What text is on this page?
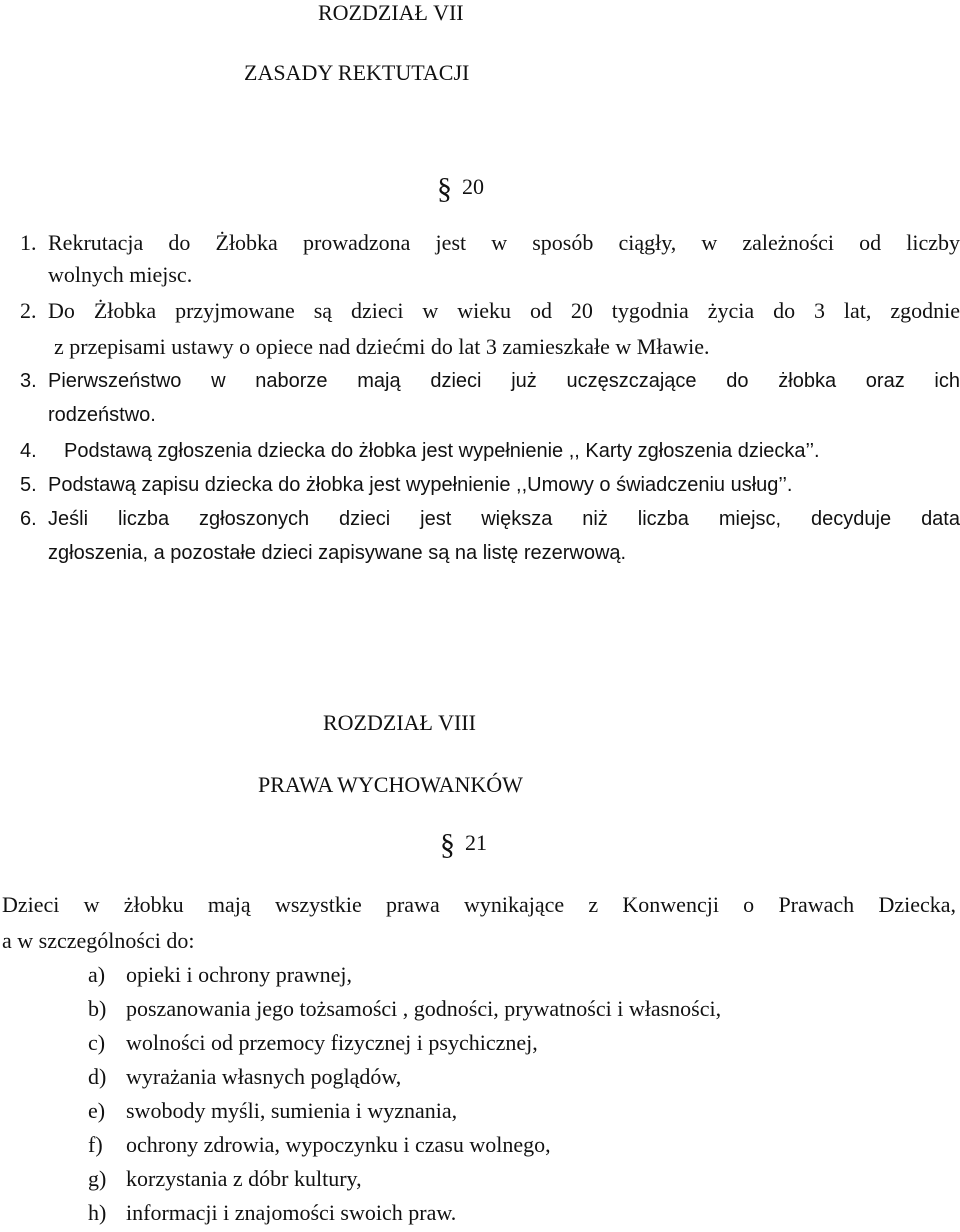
ROZDZIAŁ VII
ZASADY REKTUTACJI
§ 20
1. Rekrutacja do Żłobka prowadzona jest w sposób ciągły, w zależności od liczby
wolnych miejsc.
2. Do Żłobka przyjmowane są dzieci w wieku od 20 tygodnia życia do 3 lat, zgodnie
z przepisami ustawy o opiece nad dziećmi do lat 3 zamieszkałe w Mławie.
3. Pierwszeństwo w naborze mają dzieci już uczęszczające do żłobka oraz ich
rodzeństwo.
4. Podstawą zgłoszenia dziecka do żłobka jest wypełnienie ,, Karty zgłoszenia dziecka’’.
5. Podstawą zapisu dziecka do żłobka jest wypełnienie ,,Umowy o świadczeniu usług’’.
6. Jeśli liczba zgłoszonych dzieci jest większa niż liczba miejsc, decyduje data
zgłoszenia, a pozostałe dzieci zapisywane są na listę rezerwową.
ROZDZIAŁ VIII
PRAWA WYCHOWANKÓW
§ 21
Dzieci w żłobku mają wszystkie prawa wynikające z Konwencji o Prawach Dziecka,
a w szczególności do:
a) opieki i ochrony prawnej,
b) poszanowania jego tożsamości , godności, prywatności i własności,
c) wolności od przemocy fizycznej i psychicznej,
d) wyrażania własnych poglądów,
e) swobody myśli, sumienia i wyznania,
f) ochrony zdrowia, wypoczynku i czasu wolnego,
g) korzystania z dóbr kultury,
h) informacji i znajomości swoich praw.
